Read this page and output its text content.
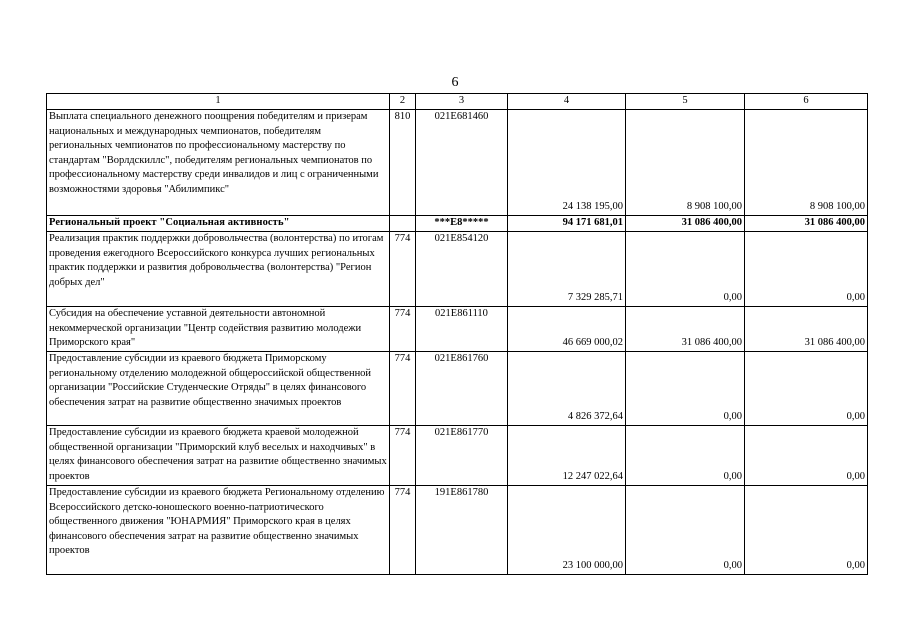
6
1	2	3	4	5	6
Выплата специального денежного поощрения победителям и призерам национальных и международных чемпионатов, победителям региональных чемпионатов по профессиональному мастерству по стандартам "Ворлдскиллс", победителям региональных чемпионатов по профессиональному мастерству среди инвалидов и лиц с ограниченными возможностями здоровья "Абилимпикс"	810	021E681460	24 138 195,00	8 908 100,00	8 908 100,00
Региональный проект "Социальная активность"		***E8*****	94 171 681,01	31 086 400,00	31 086 400,00
Реализация практик поддержки добровольчества (волонтерства) по итогам проведения ежегодного Всероссийского конкурса лучших региональных практик поддержки и развития добровольчества (волонтерства) "Регион добрых дел"	774	021E854120	7 329 285,71	0,00	0,00
Субсидия на обеспечение уставной деятельности автономной некоммерческой организации "Центр содействия развитию молодежи Приморского края"	774	021E861110	46 669 000,02	31 086 400,00	31 086 400,00
Предоставление субсидии из краевого бюджета Приморскому региональному отделению молодежной общероссийской общественной организации "Российские Студенческие Отряды" в целях финансового обеспечения затрат на развитие общественно значимых проектов	774	021E861760	4 826 372,64	0,00	0,00
Предоставление субсидии из краевого бюджета краевой молодежной общественной организации "Приморский клуб веселых и находчивых" в целях финансового обеспечения затрат на развитие общественно значимых проектов	774	021E861770	12 247 022,64	0,00	0,00
Предоставление субсидии из краевого бюджета Региональному отделению Всероссийского детско-юношеского военно-патриотического общественного движения "ЮНАРМИЯ" Приморского края в целях финансового обеспечения затрат на развитие общественно значимых проектов	774	191E861780	23 100 000,00	0,00	0,00
